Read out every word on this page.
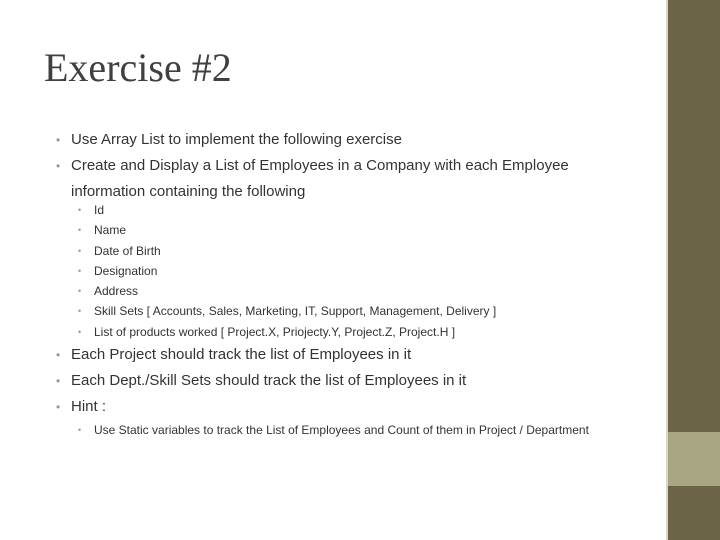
Exercise #2
• Use Array List to implement the following exercise
• Create and Display a List of Employees in a Company with each Employee information containing the following
• Id
• Name
• Date of Birth
• Designation
• Address
• Skill Sets [ Accounts, Sales, Marketing, IT, Support, Management, Delivery ]
• List of products worked [ Project.X, Priojecty.Y, Project.Z, Project.H ]
• Each Project should track the list of Employees in it
• Each Dept./Skill Sets should track the list of Employees in it
• Hint :
• Use Static variables to track the List of Employees and Count of them in Project / Department
